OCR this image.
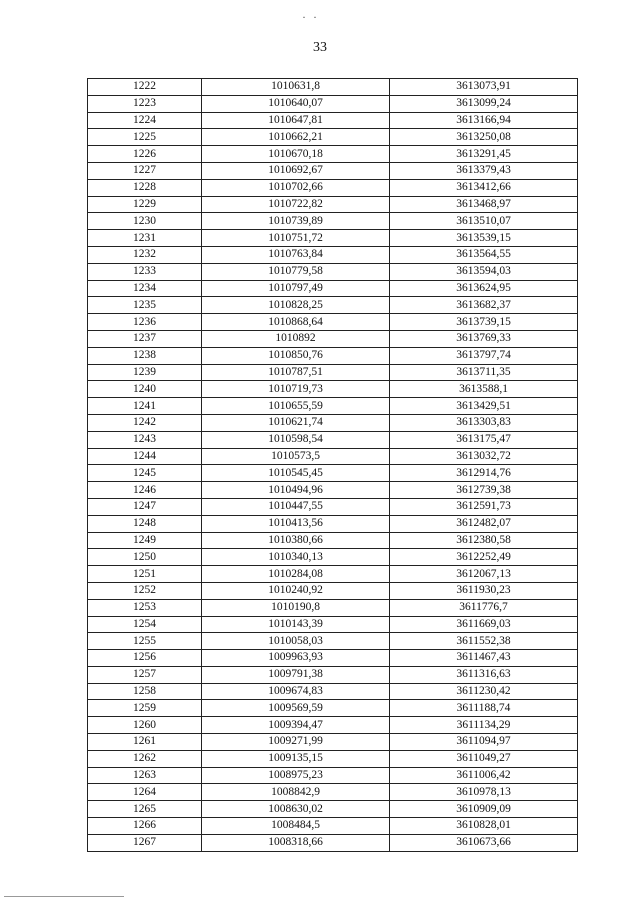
· ·
33
1222	1010631,8	3613073,91
1223	1010640,07	3613099,24
1224	1010647,81	3613166,94
1225	1010662,21	3613250,08
1226	1010670,18	3613291,45
1227	1010692,67	3613379,43
1228	1010702,66	3613412,66
1229	1010722,82	3613468,97
1230	1010739,89	3613510,07
1231	1010751,72	3613539,15
1232	1010763,84	3613564,55
1233	1010779,58	3613594,03
1234	1010797,49	3613624,95
1235	1010828,25	3613682,37
1236	1010868,64	3613739,15
1237	1010892	3613769,33
1238	1010850,76	3613797,74
1239	1010787,51	3613711,35
1240	1010719,73	3613588,1
1241	1010655,59	3613429,51
1242	1010621,74	3613303,83
1243	1010598,54	3613175,47
1244	1010573,5	3613032,72
1245	1010545,45	3612914,76
1246	1010494,96	3612739,38
1247	1010447,55	3612591,73
1248	1010413,56	3612482,07
1249	1010380,66	3612380,58
1250	1010340,13	3612252,49
1251	1010284,08	3612067,13
1252	1010240,92	3611930,23
1253	1010190,8	3611776,7
1254	1010143,39	3611669,03
1255	1010058,03	3611552,38
1256	1009963,93	3611467,43
1257	1009791,38	3611316,63
1258	1009674,83	3611230,42
1259	1009569,59	3611188,74
1260	1009394,47	3611134,29
1261	1009271,99	3611094,97
1262	1009135,15	3611049,27
1263	1008975,23	3611006,42
1264	1008842,9	3610978,13
1265	1008630,02	3610909,09
1266	1008484,5	3610828,01
1267	1008318,66	3610673,66
